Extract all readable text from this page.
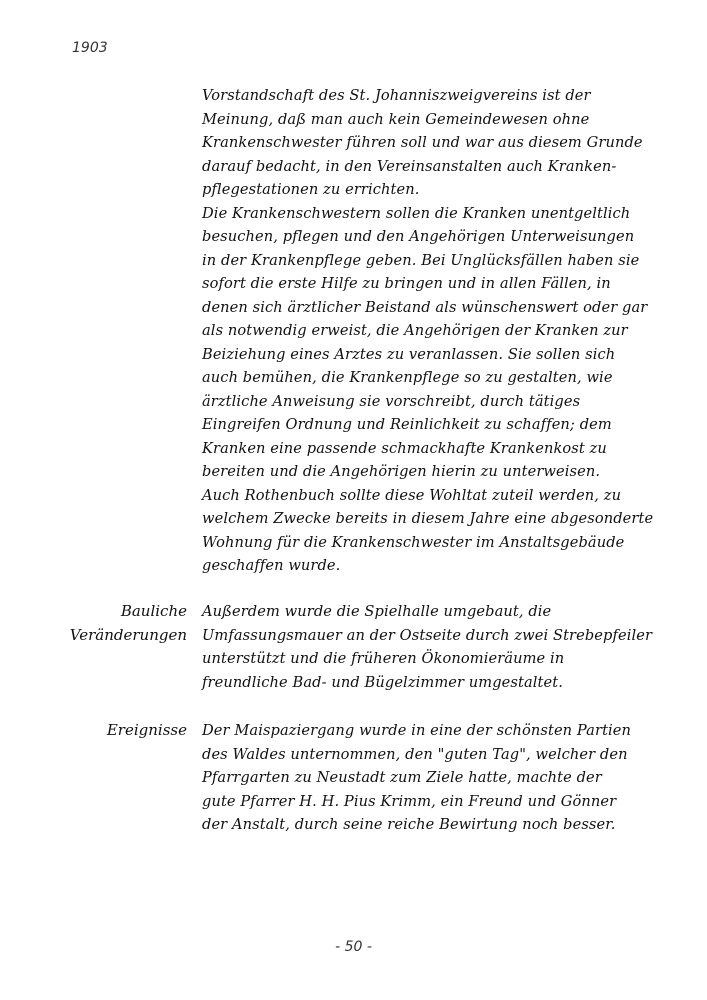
1903
Vorstandschaft des St. Johanniszweigvereins ist der
Meinung, daß man auch kein Gemeindewesen ohne
Krankenschwester führen soll und war aus diesem Grunde
darauf bedacht, in den Vereinsanstalten auch Kranken-
pflegestationen zu errichten.
Die Krankenschwestern sollen die Kranken unentgeltlich
besuchen, pflegen und den Angehörigen Unterweisungen
in der Krankenpflege geben. Bei Unglücksfällen haben sie
sofort die erste Hilfe zu bringen und in allen Fällen, in
denen sich ärztlicher Beistand als wünschenswert oder gar
als notwendig erweist, die Angehörigen der Kranken zur
Beiziehung eines Arztes zu veranlassen. Sie sollen sich
auch bemühen, die Krankenpflege so zu gestalten, wie
ärztliche Anweisung sie vorschreibt, durch tätiges
Eingreifen Ordnung und Reinlichkeit zu schaffen; dem
Kranken eine passende schmackhafte Krankenkost zu
bereiten und die Angehörigen hierin zu unterweisen.
Auch Rothenbuch sollte diese Wohltat zuteil werden, zu
welchem Zwecke bereits in diesem Jahre eine abgesonderte
Wohnung für die Krankenschwester im Anstaltsgebäude
geschaffen wurde.
Bauliche
Veränderungen
Außerdem wurde die Spielhalle umgebaut, die
Umfassungsmauer an der Ostseite durch zwei Strebepfeiler
unterstützt und die früheren Ökonomieräume in
freundliche Bad- und Bügelzimmer umgestaltet.
Ereignisse Der Maispaziergang wurde in eine der schönsten Partien
des Waldes unternommen, den "guten Tag", welcher den
Pfarrgarten zu Neustadt zum Ziele hatte, machte der
gute Pfarrer H. H. Pius Krimm, ein Freund und Gönner
der Anstalt, durch seine reiche Bewirtung noch besser.
- 50 -
